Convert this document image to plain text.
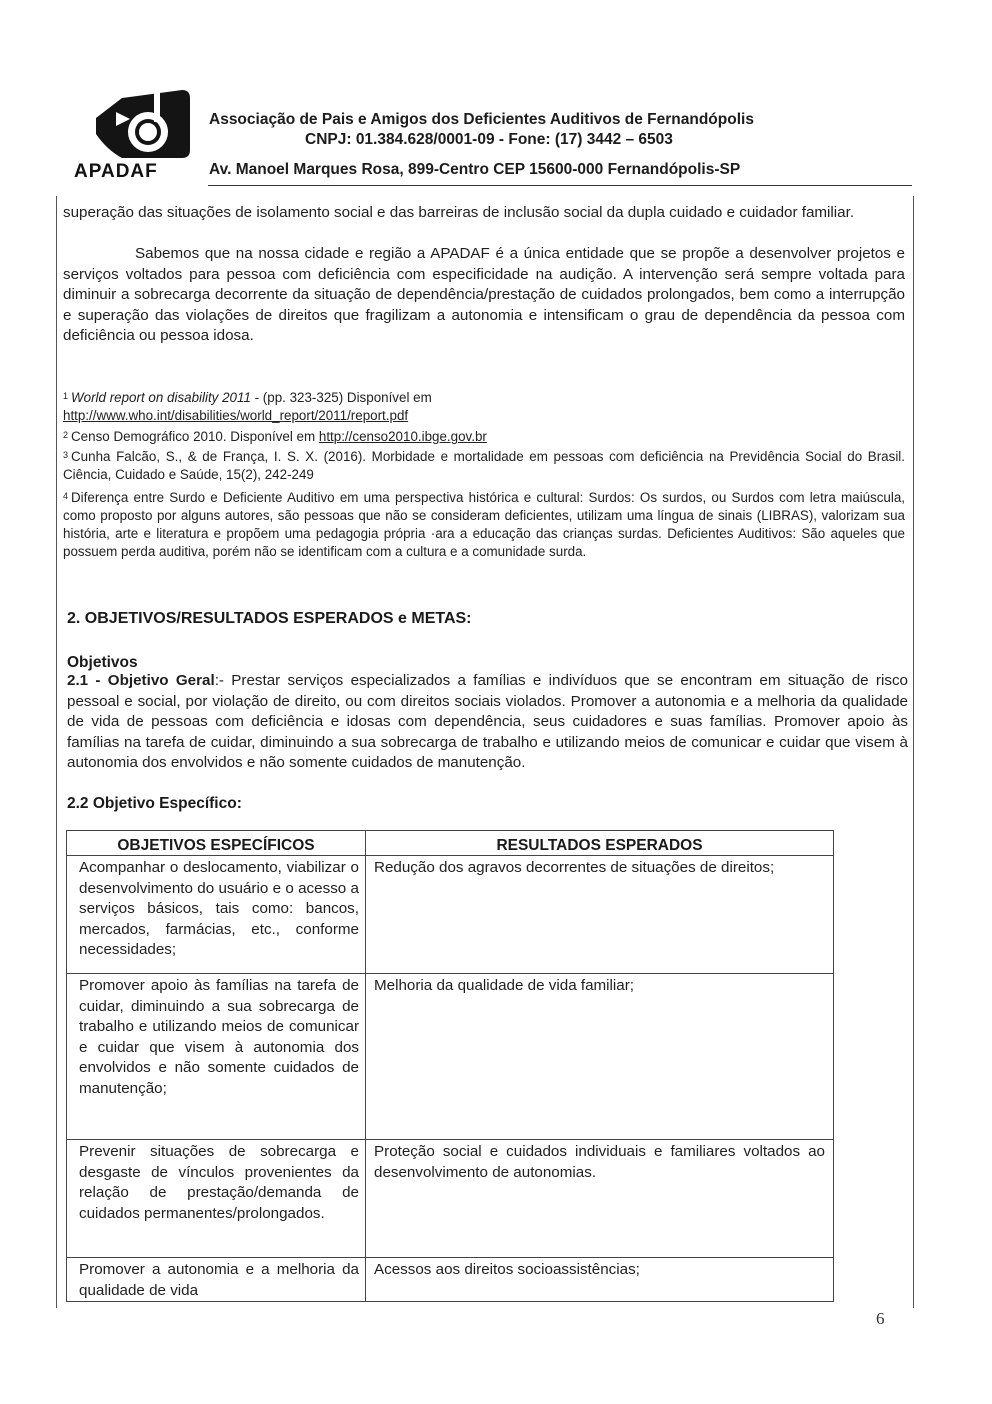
APADAF
Associação de Pais e Amigos dos Deficientes Auditivos de Fernandópolis
CNPJ: 01.384.628/0001-09 - Fone: (17) 3442 – 6503
Av. Manoel Marques Rosa, 899-Centro CEP 15600-000 Fernandópolis-SP
superação das situações de isolamento social e das barreiras de inclusão social da dupla cuidado e cuidador familiar.
Sabemos que na nossa cidade e região a APADAF é a única entidade que se propõe a desenvolver projetos e serviços voltados para pessoa com deficiência com especificidade na audição. A intervenção será sempre voltada para diminuir a sobrecarga decorrente da situação de dependência/prestação de cuidados prolongados, bem como a interrupção e superação das violações de direitos que fragilizam a autonomia e intensificam o grau de dependência da pessoa com deficiência ou pessoa idosa.
$^1$ World report on disability 2011 - (pp. 323-325) Disponível em
http://www.who.int/disabilities/world_report/2011/report.pdf
$^2$ Censo Demográfico 2010. Disponível em http://censo2010.ibge.gov.br
$^3$ Cunha Falcão, S., & de França, I. S. X. (2016). Morbidade e mortalidade em pessoas com deficiência na Previdência Social do Brasil. Ciência, Cuidado e Saúde, 15(2), 242-249
$^4$ Diferença entre Surdo e Deficiente Auditivo em uma perspectiva histórica e cultural: Surdos: Os surdos, ou Surdos com letra maiúscula, como proposto por alguns autores, são pessoas que não se consideram deficientes, utilizam uma língua de sinais (LIBRAS), valorizam sua história, arte e literatura e propõem uma pedagogia própria ·ara a educação das crianças surdas. Deficientes Auditivos: São aqueles que possuem perda auditiva, porém não se identificam com a cultura e a comunidade surda.
2. OBJETIVOS/RESULTADOS ESPERADOS e METAS:
Objetivos
2.1 - Objetivo Geral:- Prestar serviços especializados a famílias e indivíduos que se encontram em situação de risco pessoal e social, por violação de direito, ou com direitos sociais violados. Promover a autonomia e a melhoria da qualidade de vida de pessoas com deficiência e idosas com dependência, seus cuidadores e suas famílias. Promover apoio às famílias na tarefa de cuidar, diminuindo a sua sobrecarga de trabalho e utilizando meios de comunicar e cuidar que visem à autonomia dos envolvidos e não somente cuidados de manutenção.
2.2 Objetivo Específico:
OBJETIVOS ESPECÍFICOS	RESULTADOS ESPERADOS
Acompanhar o deslocamento, viabilizar o desenvolvimento do usuário e o acesso a serviços básicos, tais como: bancos, mercados, farmácias, etc., conforme necessidades;	Redução dos agravos decorrentes de situações de direitos;
Promover apoio às famílias na tarefa de cuidar, diminuindo a sua sobrecarga de trabalho e utilizando meios de comunicar e cuidar que visem à autonomia dos envolvidos e não somente cuidados de manutenção;	Melhoria da qualidade de vida familiar;
Prevenir situações de sobrecarga e desgaste de vínculos provenientes da relação de prestação/demanda de cuidados permanentes/prolongados.	Proteção social e cuidados individuais e familiares voltados ao desenvolvimento de autonomias.
Promover a autonomia e a melhoria da qualidade de vida	Acessos aos direitos socioassistências;
6
